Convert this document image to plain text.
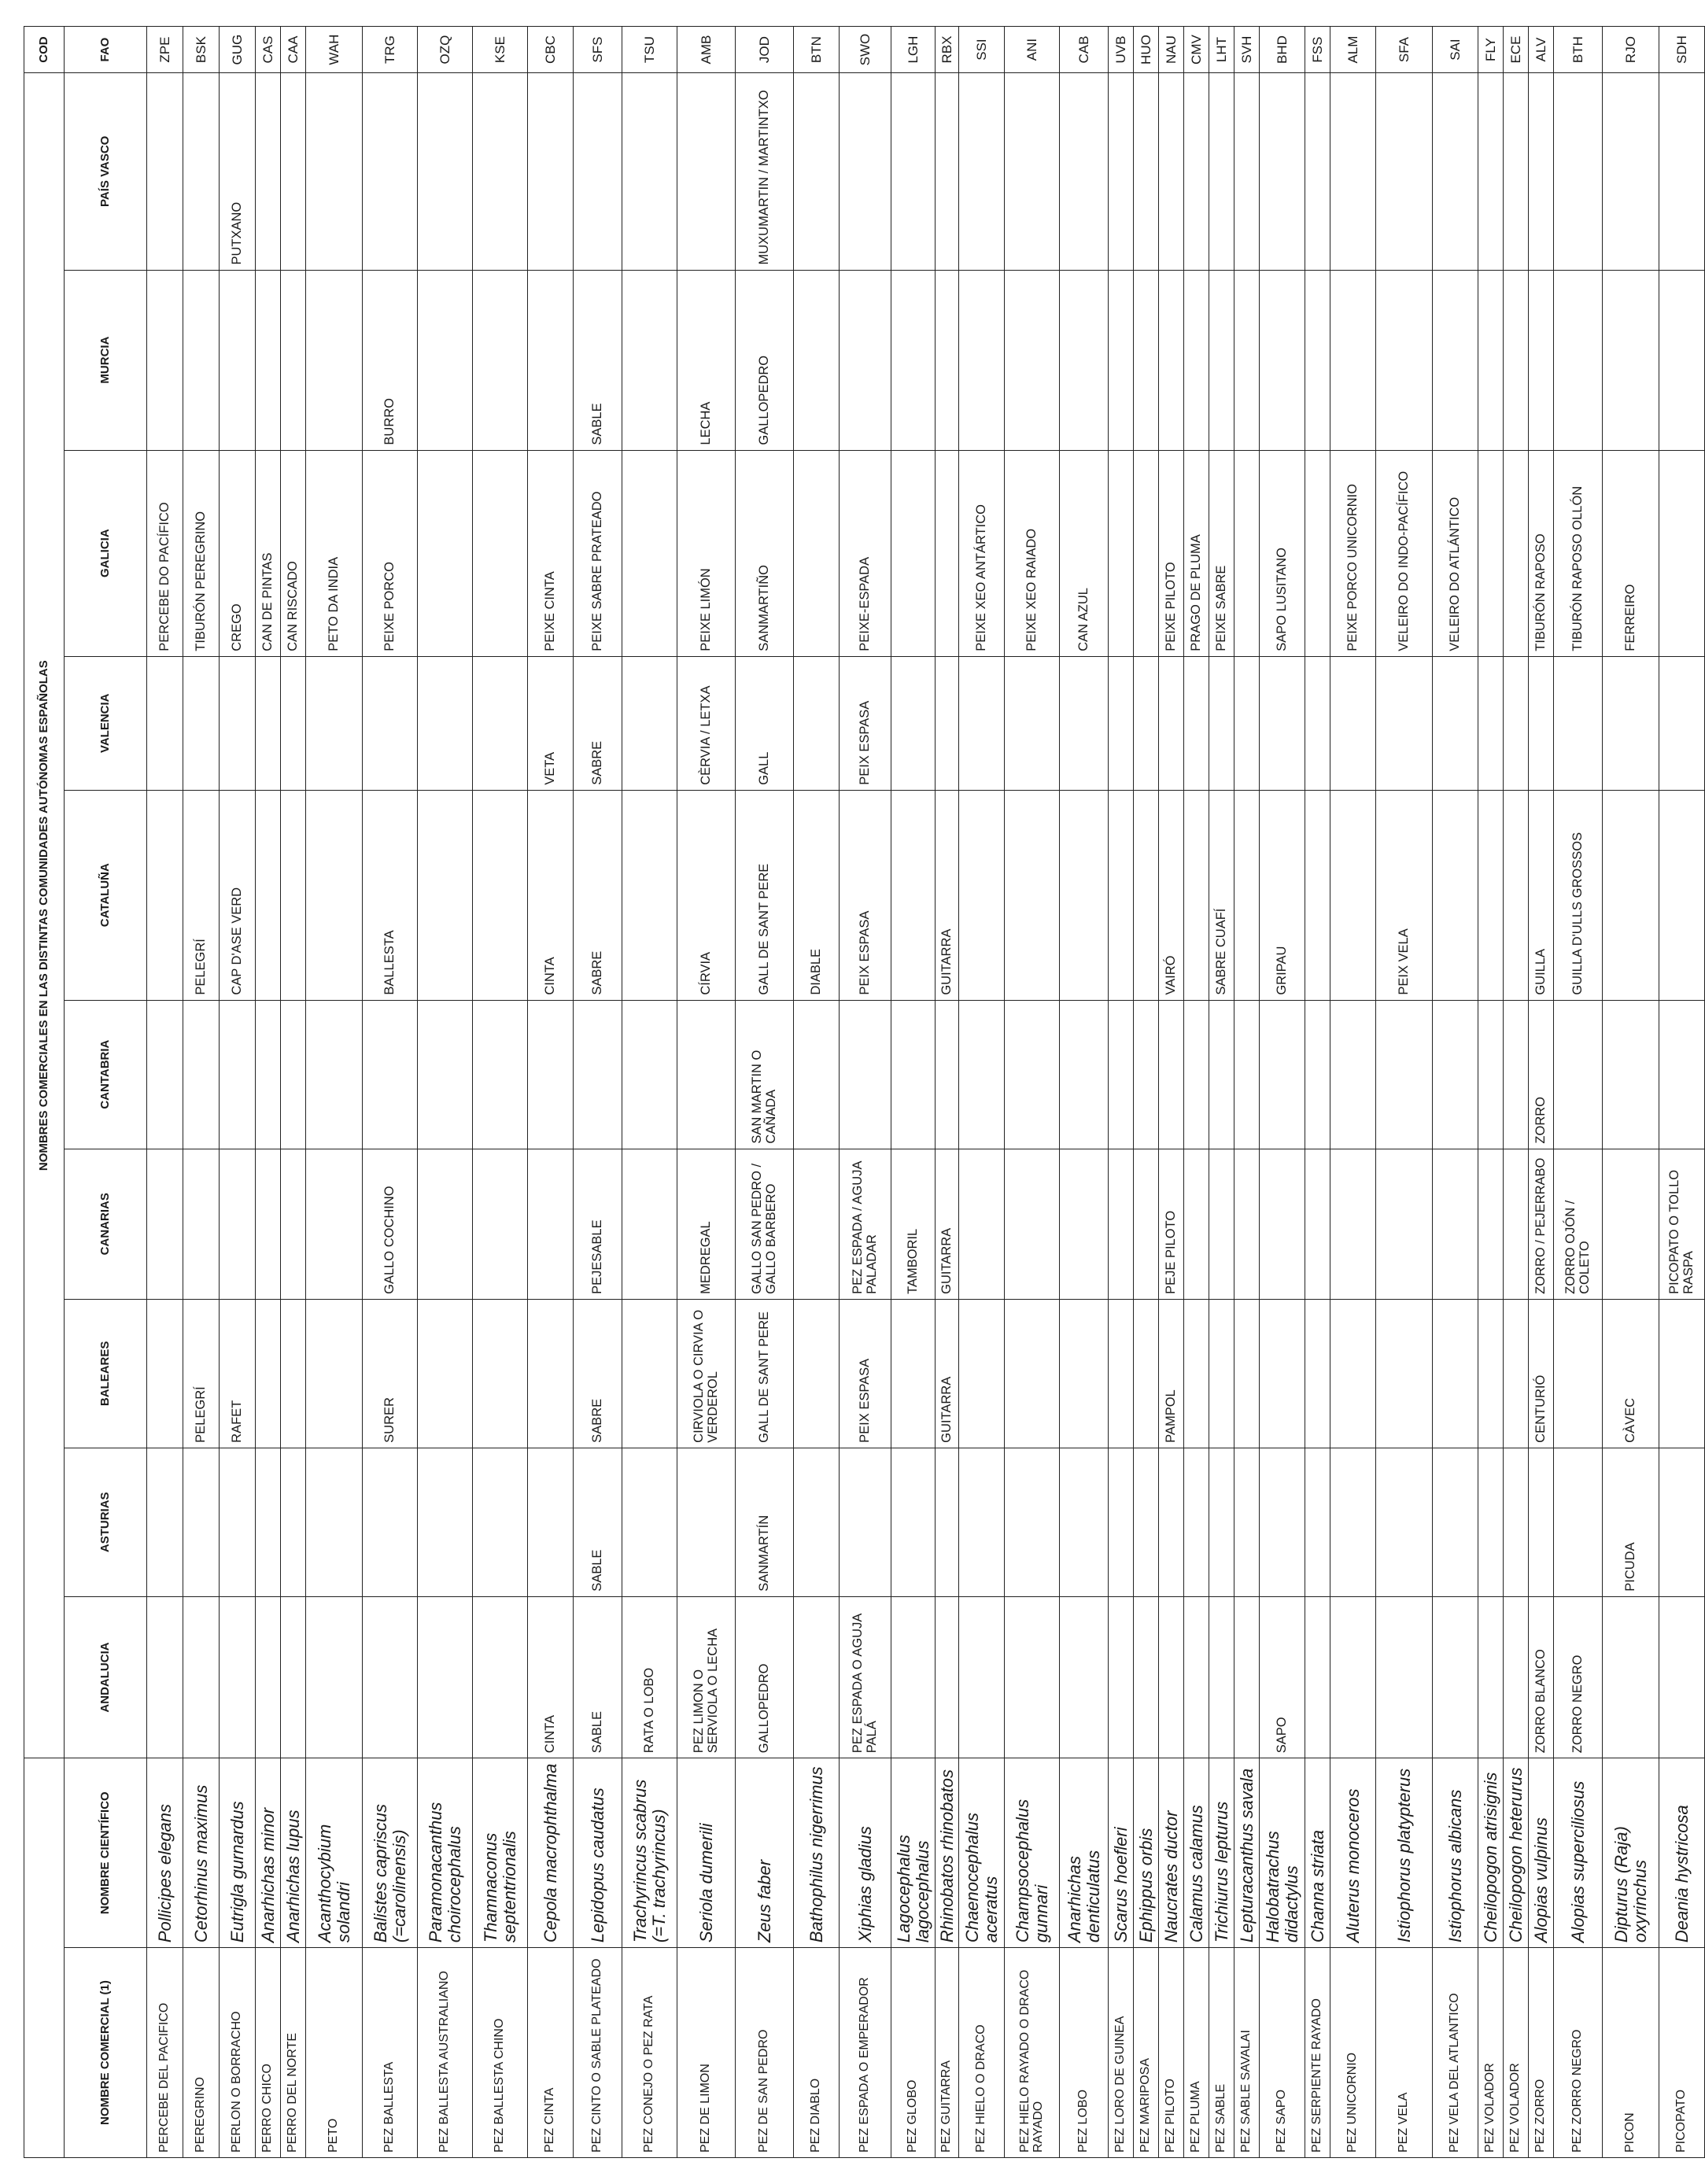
		NOMBRES COMERCIALES EN LAS DISTINTAS COMUNIDADES AUTÓNOMAS ESPAÑOLAS										COD
NOMBRE COMERCIAL (1)	NOMBRE CIENTÍFICO	ANDALUCIA	ASTURIAS	BALEARES	CANARIAS	CANTABRIA	CATALUÑA	VALENCIA	GALICIA	MURCIA	PAÍS VASCO	FAO
PERCEBE DEL PACIFICO	Pollicipes elegans								PERCEBE DO PACÍFICO			ZPE
PEREGRINO	Cetorhinus maximus			PELEGRÍ			PELEGRÍ		TIBURÓN PEREGRINO			BSK
PERLON O BORRACHO	Eutrigla gurnardus			RAFET			CAP D'ASE VERD		CREGO		PUTXANO	GUG
PERRO CHICO	Anarhichas minor								CAN DE PINTAS			CAS
PERRO DEL NORTE	Anarhichas lupus								CAN RISCADO			CAA
PETO	Acanthocybium solandri								PETO DA INDIA			WAH
PEZ BALLESTA	Balistes capriscus (=carolinensis)			SURER	GALLO COCHINO		BALLESTA		PEIXE PORCO	BURRO		TRG
PEZ BALLESTA AUSTRALIANO	Paramonacanthus choirocephalus											OZQ
PEZ BALLESTA CHINO	Thamnaconus septentrionalis											KSE
PEZ CINTA	Cepola macrophthalma	CINTA					CINTA	VETA	PEIXE CINTA			CBC
PEZ CINTO O SABLE PLATEADO	Lepidopus caudatus	SABLE	SABLE	SABRE	PEJESABLE		SABRE	SABRE	PEIXE SABRE PRATEADO	SABLE		SFS
PEZ CONEJO O PEZ RATA	Trachyrincus scabrus (=T. trachyrincus)	RATA O LOBO										TSU
PEZ DE LIMON	Seriola dumerili	PEZ LIMON O SERVIOLA O LECHA		CIRVIOLA O CIRVIA O VERDEROL	MEDREGAL		CÍRVIA	CÈRVIA / LETXA	PEIXE LIMÓN	LECHA		AMB
PEZ DE SAN PEDRO	Zeus faber	GALLOPEDRO	SANMARTÍN	GALL DE SANT PERE	GALLO SAN PEDRO / GALLO BARBERO	SAN MARTIN O CAÑADA	GALL DE SANT PERE	GALL	SANMARTIÑO	GALLOPEDRO	MUXUMARTIN / MARTINTXO	JOD
PEZ DIABLO	Bathophilus nigerrimus						DIABLE					BTN
PEZ ESPADA O EMPERADOR	Xiphias gladius	PEZ ESPADA O AGUJA PALÁ		PEIX ESPASA	PEZ ESPADA / AGUJA PALADAR		PEIX ESPASA	PEIX ESPASA	PEIXE-ESPADA			SWO
PEZ GLOBO	Lagocephalus lagocephalus				TAMBORIL							LGH
PEZ GUITARRA	Rhinobatos rhinobatos			GUITARRA	GUITARRA		GUITARRA					RBX
PEZ HIELO O DRACO	Chaenocephalus aceratus								PEIXE XEO ANTÁRTICO			SSI
PEZ HIELO RAYADO O DRACO RAYADO	Champsocephalus gunnari								PEIXE XEO RAIADO			ANI
PEZ LOBO	Anarhichas denticulatus								CAN AZUL			CAB
PEZ LORO DE GUINEA	Scarus hoefleri											UVB
PEZ MARIPOSA	Ephippus orbis											HUO
PEZ PILOTO	Naucrates ductor			PAMPOL	PEJE PILOTO		VAIRÓ		PEIXE PILOTO			NAU
PEZ PLUMA	Calamus calamus								PRAGO DE PLUMA			CMV
PEZ SABLE	Trichiurus lepturus						SABRE CUAFÍ		PEIXE SABRE			LHT
PEZ SABLE SAVALAI	Lepturacanthus savala											SVH
PEZ SAPO	Halobatrachus didactylus	SAPO					GRIPAU		SAPO LUSITANO			BHD
PEZ SERPIENTE RAYADO	Channa striata											FSS
PEZ UNICORNIO	Aluterus monoceros								PEIXE PORCO UNICORNIO			ALM
PEZ VELA	Istiophorus platypterus						PEIX VELA		VELEIRO DO INDO-PACÍFICO			SFA
PEZ VELA DEL ATLANTICO	Istiophorus albicans								VELEIRO DO ATLÁNTICO			SAI
PEZ VOLADOR	Cheilopogon atrisignis											FLY
PEZ VOLADOR	Cheilopogon heterurus											ECE
PEZ ZORRO	Alopias vulpinus	ZORRO BLANCO		CENTURIÓ	ZORRO / PEJERRABO	ZORRO	GUILLA		TIBURÓN RAPOSO			ALV
PEZ ZORRO NEGRO	Alopias superciliosus	ZORRO NEGRO			ZORRO OJÓN / COLETO		GUILLA D'ULLS GROSSOS		TIBURÓN RAPOSO OLLÓN			BTH
PICON	Dipturus (Raja) oxyrinchus		PICUDA	CÀVEC					FERREIRO			RJO
PICOPATO	Deania hystricosa				PICOPATO O TOLLO RASPA							SDH
